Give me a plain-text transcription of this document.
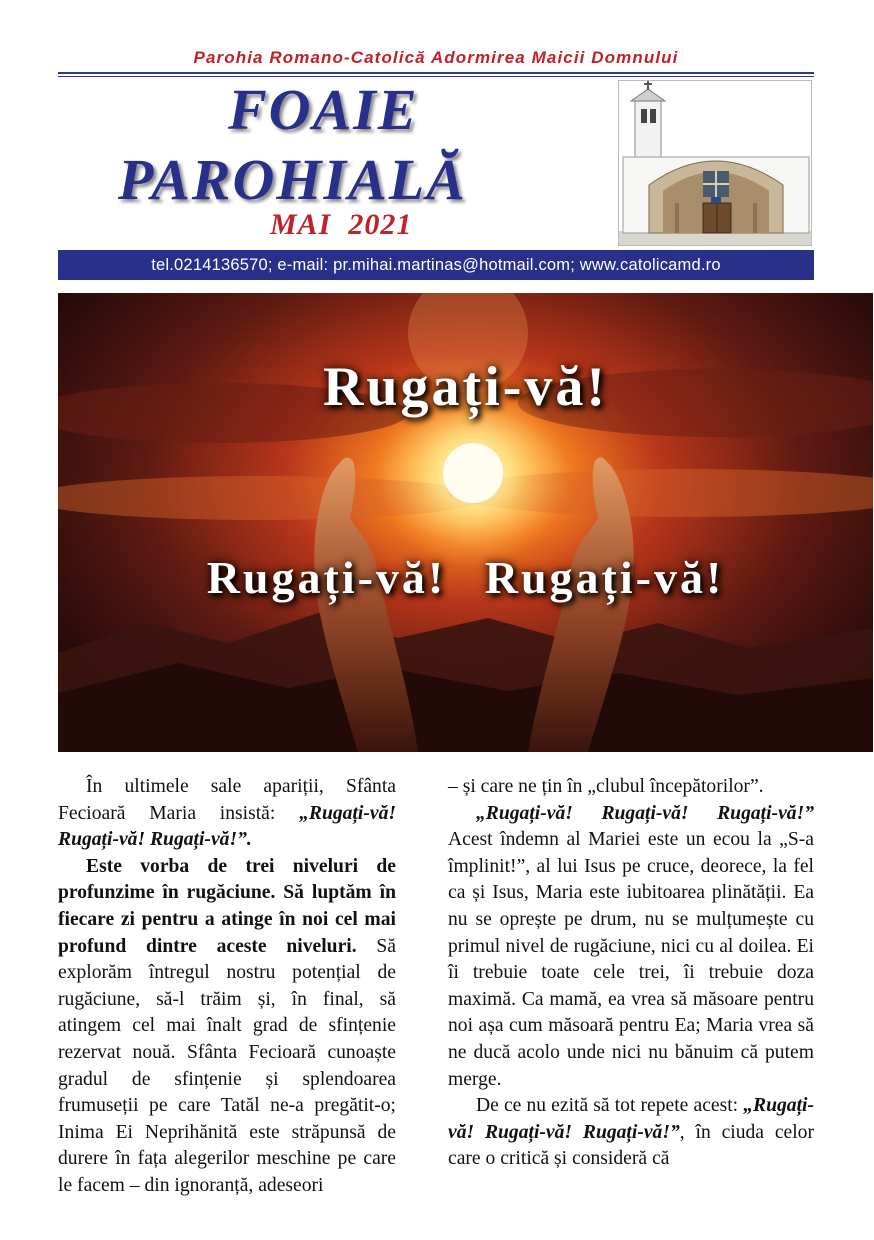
Parohia Romano-Catolică Adormirea Maicii Domnului
FOAIE
PAROHIALĂ
MAI  2021
tel.0214136570; e-mail: pr.mihai.martinas@hotmail.com; www.catolicamd.ro
Rugați-vă!
Rugați-vă! Rugați-vă!

În ultimele sale apariții, Sfânta Fecioară Maria insistă: „Rugați-vă! Rugați-vă! Rugați-vă!”.

Este vorba de trei niveluri de profunzime în rugăciune. Să luptăm în fiecare zi pentru a atinge în noi cel mai profund dintre aceste niveluri. Să explorăm întregul nostru potențial de rugăciune, să-l trăim și, în final, să atingem cel mai înalt grad de sfințenie rezervat nouă. Sfânta Fecioară cunoaște gradul de sfințenie și splendoarea frumuseții pe care Tatăl ne-a pregătit-o; Inima Ei Neprihănită este străpunsă de durere în fața alegerilor meschine pe care le facem – din ignoranță, adeseori

– și care ne țin în „clubul începătorilor”.

„Rugați-vă! Rugați-vă! Rugați-vă!” Acest îndemn al Mariei este un ecou la „S-a împlinit!”, al lui Isus pe cruce, deorece, la fel ca și Isus, Maria este iubitoarea plinătății. Ea nu se oprește pe drum, nu se mulțumește cu primul nivel de rugăciune, nici cu al doilea. Ei îi trebuie toate cele trei, îi trebuie doza maximă. Ca mamă, ea vrea să măsoare pentru noi așa cum măsoară pentru Ea; Maria vrea să ne ducă acolo unde nici nu bănuim că putem merge.

De ce nu ezită să tot repete acest: „Rugați-vă! Rugați-vă! Rugați-vă!”, în ciuda celor care o critică și consideră că
